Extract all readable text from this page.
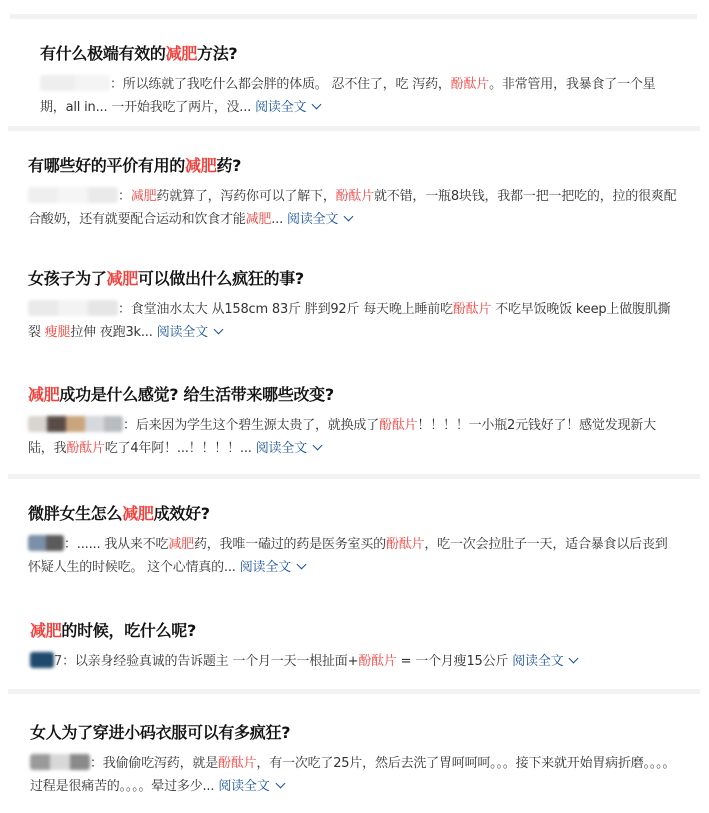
有什么极端有效的减肥方法?
：所以练就了我吃什么都会胖的体质。 忍不住了，吃 泻药，酚酞片。非常管用，我暴食了一个星期，all in... 一开始我吃了两片，没... 阅读全文
有哪些好的平价有用的减肥药?
：减肥药就算了，泻药你可以了解下，酚酞片就不错，一瓶8块钱，我都一把一把吃的，拉的很爽配合酸奶，还有就要配合运动和饮食才能减肥... 阅读全文
女孩子为了减肥可以做出什么疯狂的事?
：食堂油水太大 从158cm 83斤 胖到92斤 每天晚上睡前吃酚酞片 不吃早饭晚饭 keep上做腹肌撕裂 瘦腿拉伸 夜跑3k... 阅读全文
减肥成功是什么感觉? 给生活带来哪些改变?
：后来因为学生这个碧生源太贵了，就换成了酚酞片！！！！一小瓶2元钱好了！感觉发现新大陆，我酚酞片吃了4年阿！...！！！！... 阅读全文
微胖女生怎么减肥成效好?
：...... 我从来不吃减肥药，我唯一磕过的药是医务室买的酚酞片，吃一次会拉肚子一天，适合暴食以后丧到怀疑人生的时候吃。 这个心情真的... 阅读全文
减肥的时候，吃什么呢?
7：以亲身经验真诚的告诉题主 一个月一天一根扯面+酚酞片 = 一个月瘦15公斤 阅读全文
女人为了穿进小码衣服可以有多疯狂?
：我偷偷吃泻药，就是酚酞片，有一次吃了25片，然后去洗了胃呵呵呵。。。接下来就开始胃病折磨。。。。过程是很痛苦的。。。。晕过多少... 阅读全文
